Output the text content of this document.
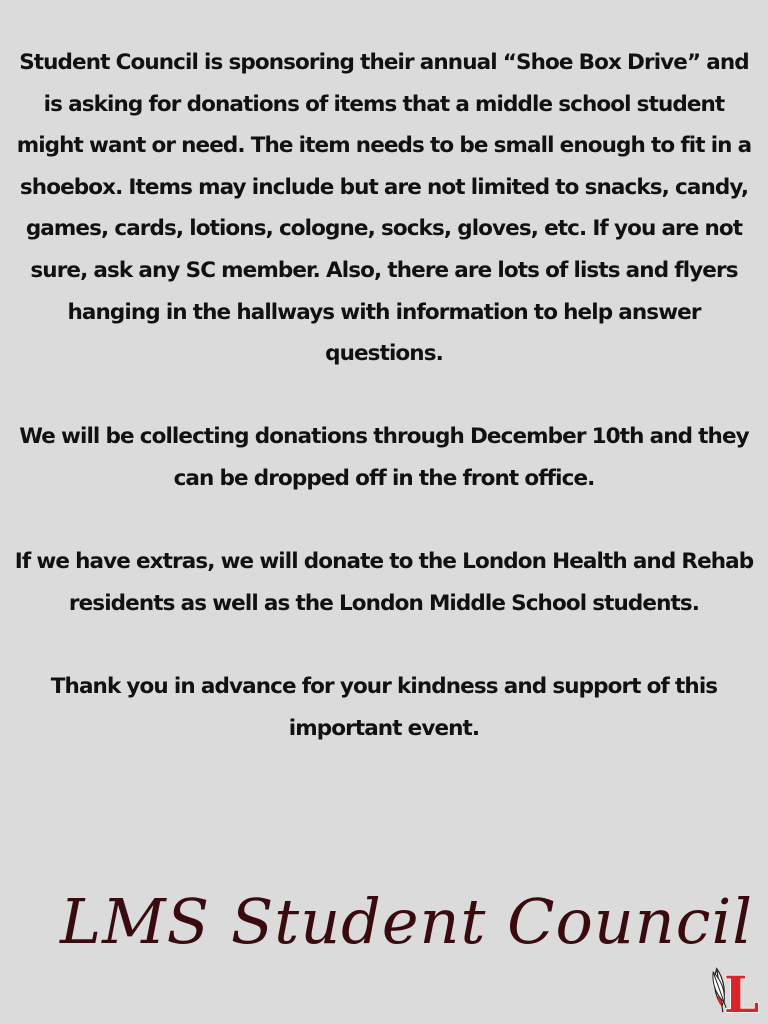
Student Council is sponsoring their annual “Shoe Box Drive” and is asking for donations of items that a middle school student might want or need. The item needs to be small enough to fit in a shoebox. Items may include but are not limited to snacks, candy, games, cards, lotions, cologne, socks, gloves, etc. If you are not sure, ask any SC member. Also, there are lots of lists and flyers hanging in the hallways with information to help answer questions.

We will be collecting donations through December 10th and they can be dropped off in the front office.

If we have extras, we will donate to the London Health and Rehab residents as well as the London Middle School students.

Thank you in advance for your kindness and support of this important event.

LMS Student Council
L
